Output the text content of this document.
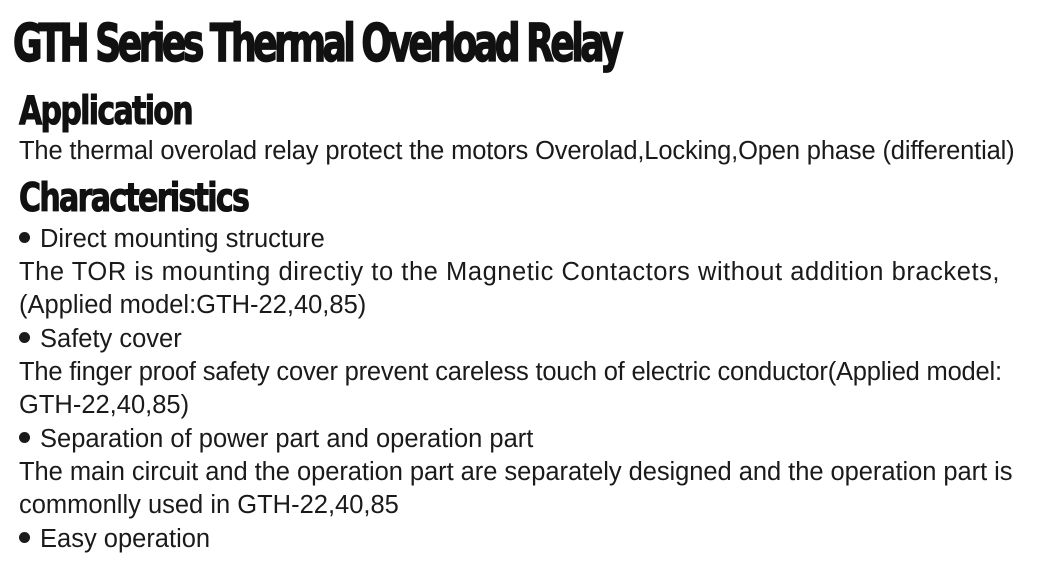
GTH Series Thermal Overload Relay
Application

The thermal overolad relay protect the motors Overolad,Locking,Open phase (differential)

Characteristics

Direct mounting structure

The TOR is mounting directiy to the Magnetic Contactors without addition brackets,

(Applied model:GTH-22,40,85)

Safety cover

The finger proof safety cover prevent careless touch of electric conductor(Applied model:

GTH-22,40,85)

Separation of power part and operation part

The main circuit and the operation part are separately designed and the operation part is

commonlly used in GTH-22,40,85

Easy operation
